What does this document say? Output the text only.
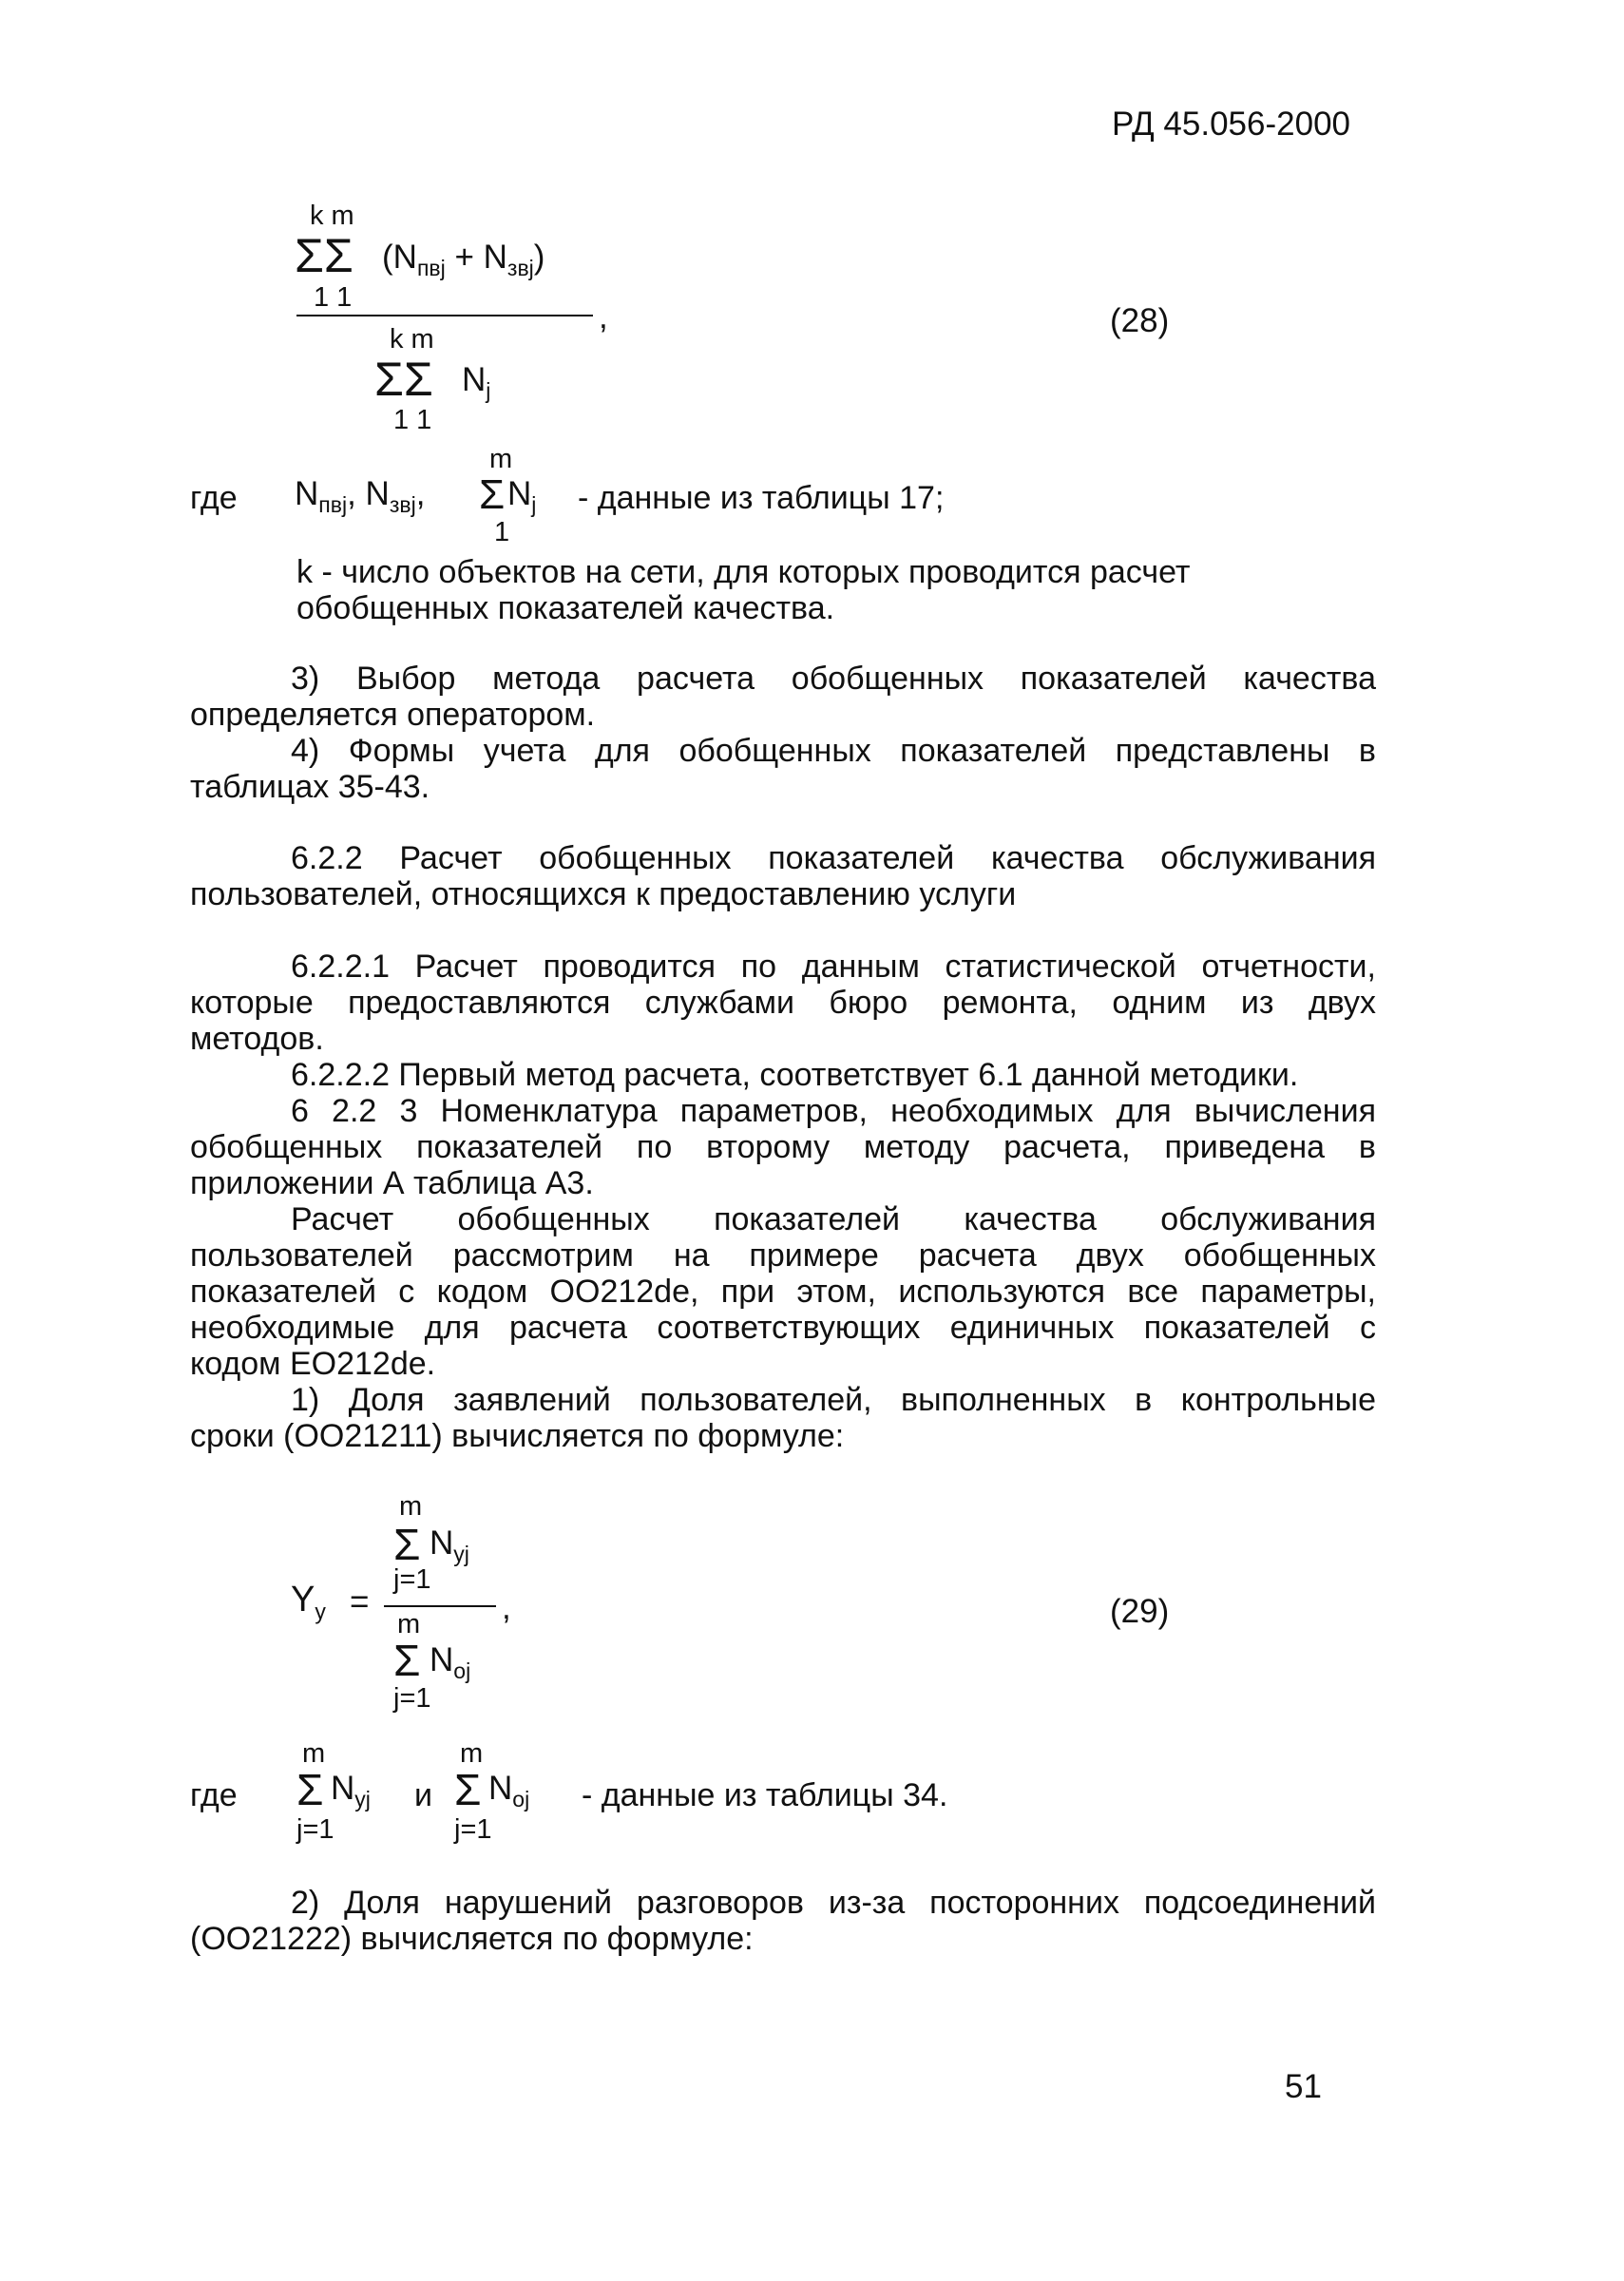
РД 45.056-2000
k m
ΣΣ $(N_{пвj} + N_{звj})$
1 1
,
k m
ΣΣ $N_j$
1 1
(28)
где $N_{пвj}$, $N_{звj}$,
m
Σ $N_j$
1
- данные из таблицы 17;
k - число объектов на сети, для которых проводится расчет
обобщенных показателей качества.
3) Выбор метода расчета обобщенных показателей качества
определяется оператором.
4) Формы учета для обобщенных показателей представлены в
таблицах 35-43.
6.2.2 Расчет обобщенных показателей качества обслуживания
пользователей, относящихся к предоставлению услуги
6.2.2.1 Расчет проводится по данным статистической отчетности,
которые предоставляются службами бюро ремонта, одним из двух
методов.
6.2.2.2 Первый метод расчета, соответствует 6.1 данной методики.
6 2.2 3 Номенклатура параметров, необходимых для вычисления
обобщенных показателей по второму методу расчета, приведена в
приложении А таблица А3.
Расчет обобщенных показателей качества обслуживания
пользователей рассмотрим на примере расчета двух обобщенных
показателей с кодом ОО212de, при этом, используются все параметры,
необходимые для расчета соответствующих единичных показателей с
кодом ЕО212de.
1) Доля заявлений пользователей, выполненных в контрольные
сроки (ОО21211) вычисляется по формуле:
m
Σ $N_{yj}$
j=1
$Y_y$ =	,
m
Σ $N_{oj}$
j=1
(29)
где
m
Σ $N_{yj}$
j=1
и
m
Σ $N_{oj}$
j=1
- данные из таблицы 34.
2) Доля нарушений разговоров из-за посторонних подсоединений
(ОО21222) вычисляется по формуле:
51
